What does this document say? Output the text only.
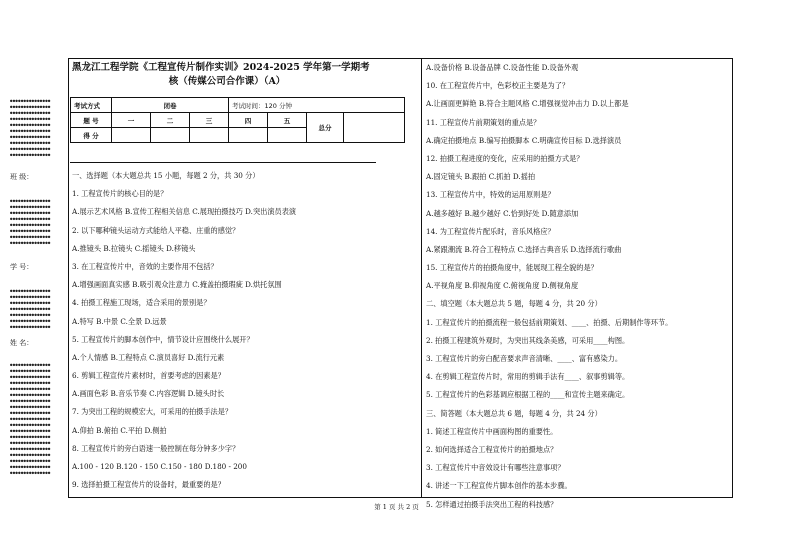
●●●●●●●●●●●●●●●
●●●●●●●●●●●●●●●
●●●●●●●●●●●●●●●
●●●●●●●●●●●●●●●
●●●●●●●●●●●●●●●
●●●●●●●●●●●●●●●
●●●●●●●●●●●●●●●
●●●●●●●●●●●●●●●
●●●●●●●●●●●●●●●
●●●●●●●●●●●●●●●
班 级：
●●●●●●●●●●●●●●●
●●●●●●●●●●●●●●●
●●●●●●●●●●●●●●●
●●●●●●●●●●●●●●●
●●●●●●●●●●●●●●●
●●●●●●●●●●●●●●●
●●●●●●●●●●●●●●●
●●●●●●●●●●●●●●●
学 号：
●●●●●●●●●●●●●●●
●●●●●●●●●●●●●●●
●●●●●●●●●●●●●●●
●●●●●●●●●●●●●●●
●●●●●●●●●●●●●●●
●●●●●●●●●●●●●●●
●●●●●●●●●●●●●●●
姓 名：
●●●●●●●●●●●●●●●
●●●●●●●●●●●●●●●
●●●●●●●●●●●●●●●
●●●●●●●●●●●●●●●
●●●●●●●●●●●●●●●
●●●●●●●●●●●●●●●
●●●●●●●●●●●●●●●
●●●●●●●●●●●●●●●
●●●●●●●●●●●●●●●
●●●●●●●●●●●●●●●
●●●●●●●●●●●●●●●
●●●●●●●●●●●●●●●
●●●●●●●●●●●●●●●
●●●●●●●●●●●●●●●
●●●●●●●●●●●●●●●
●●●●●●●●●●●●●●●
●●●●●●●●●●●●●●●
●●●●●●●●●●●●●●●
●●●●●●●●●●●●●●●
黑龙江工程学院《工程宣传片制作实训》2024-2025 学年第一学期考
核（传媒公司合作课）（A）
考试方式	闭卷			考试时间：120 分钟			
题 号	一	二	三	四	五	总分	
得 分							
一、选择题（本大题总共 15 小题，每题 2 分，共 30 分）
1. 工程宣传片的核心目的是？
A.展示艺术风格 B.宣传工程相关信息 C.展现拍摄技巧 D.突出演员表演
2. 以下哪种镜头运动方式能给人平稳、庄重的感觉？
A.推镜头 B.拉镜头 C.摇镜头 D.移镜头
3. 在工程宣传片中，音效的主要作用不包括？
A.增强画面真实感 B.吸引观众注意力 C.掩盖拍摄瑕疵 D.烘托氛围
4. 拍摄工程施工现场，适合采用的景别是？
A.特写 B.中景 C.全景 D.远景
5. 工程宣传片的脚本创作中，情节设计应围绕什么展开？
A.个人情感 B.工程特点 C.演员喜好 D.流行元素
6. 剪辑工程宣传片素材时，首要考虑的因素是？
A.画面色彩 B.音乐节奏 C.内容逻辑 D.镜头时长
7. 为突出工程的规模宏大，可采用的拍摄手法是？
A.仰拍 B.俯拍 C.平拍 D.侧拍
8. 工程宣传片的旁白语速一般控制在每分钟多少字？
A.100 - 120 B.120 - 150 C.150 - 180 D.180 - 200
9. 选择拍摄工程宣传片的设备时，最重要的是？
A.设备价格 B.设备品牌 C.设备性能 D.设备外观
10. 在工程宣传片中，色彩校正主要是为了？
A.让画面更鲜艳 B.符合主题风格 C.增强视觉冲击力 D.以上都是
11. 工程宣传片前期策划的重点是？
A.确定拍摄地点 B.编写拍摄脚本 C.明确宣传目标 D.选择演员
12. 拍摄工程进度的变化，应采用的拍摄方式是？
A.固定镜头 B.跟拍 C.抓拍 D.摇拍
13. 工程宣传片中，特效的运用原则是？
A.越多越好 B.越少越好 C.恰到好处 D.随意添加
14. 为工程宣传片配乐时，音乐风格应？
A.紧跟潮流 B.符合工程特点 C.选择古典音乐 D.选择流行歌曲
15. 工程宣传片的拍摄角度中，能展现工程全貌的是？
A.平视角度 B.仰视角度 C.俯视角度 D.侧视角度
二、填空题（本大题总共 5 题，每题 4 分，共 20 分）
1. 工程宣传片的拍摄流程一般包括前期策划、____、拍摄、后期制作等环节。
2. 拍摄工程建筑外观时，为突出其线条美感，可采用____构图。
3. 工程宣传片的旁白配音要求声音清晰、____、富有感染力。
4. 在剪辑工程宣传片时，常用的剪辑手法有____、叙事剪辑等。
5. 工程宣传片的色彩基调应根据工程的____和宣传主题来确定。
三、简答题（本大题总共 6 题，每题 4 分，共 24 分）
1. 简述工程宣传片中画面构图的重要性。
2. 如何选择适合工程宣传片的拍摄地点？
3. 工程宣传片中音效设计有哪些注意事项？
4. 讲述一下工程宣传片脚本创作的基本步骤。
5. 怎样通过拍摄手法突出工程的科技感？
第 1 页 共 2 页
